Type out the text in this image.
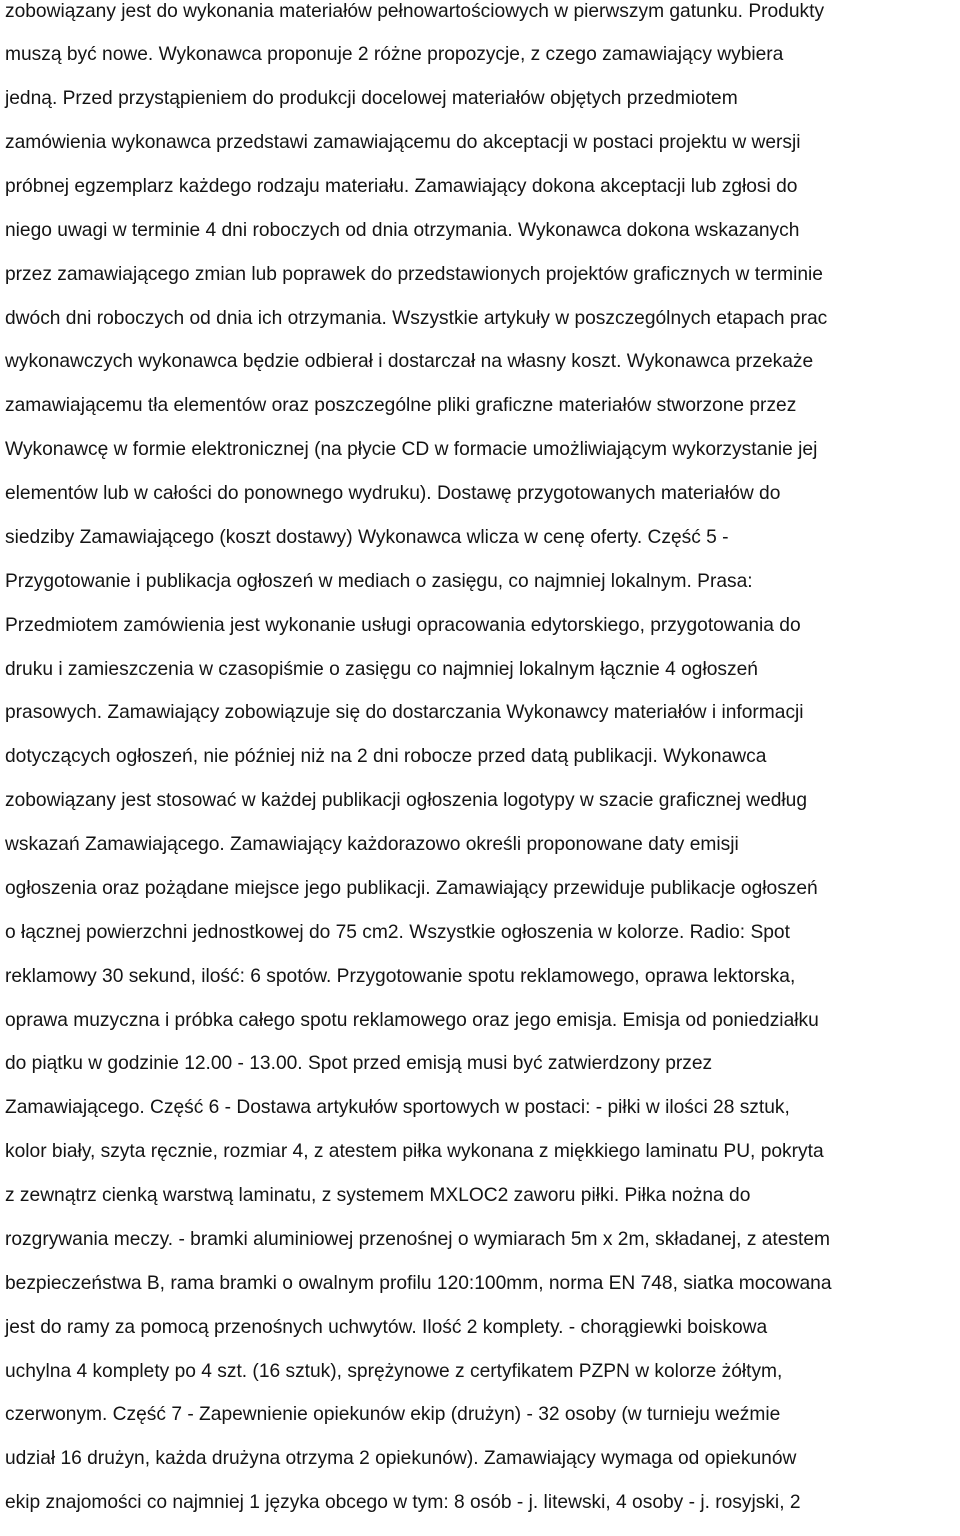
zobowiązany jest do wykonania materiałów pełnowartościowych w pierwszym gatunku. Produkty
muszą być nowe. Wykonawca proponuje 2 różne propozycje, z czego zamawiający wybiera
jedną. Przed przystąpieniem do produkcji docelowej materiałów objętych przedmiotem
zamówienia wykonawca przedstawi zamawiającemu do akceptacji w postaci projektu w wersji
próbnej egzemplarz każdego rodzaju materiału. Zamawiający dokona akceptacji lub zgłosi do
niego uwagi w terminie 4 dni roboczych od dnia otrzymania. Wykonawca dokona wskazanych
przez zamawiającego zmian lub poprawek do przedstawionych projektów graficznych w terminie
dwóch dni roboczych od dnia ich otrzymania. Wszystkie artykuły w poszczególnych etapach prac
wykonawczych wykonawca będzie odbierał i dostarczał na własny koszt. Wykonawca przekaże
zamawiającemu tła elementów oraz poszczególne pliki graficzne materiałów stworzone przez
Wykonawcę w formie elektronicznej (na płycie CD w formacie umożliwiającym wykorzystanie jej
elementów lub w całości do ponownego wydruku). Dostawę przygotowanych materiałów do
siedziby Zamawiającego (koszt dostawy) Wykonawca wlicza w cenę oferty. Część 5 -
Przygotowanie i publikacja ogłoszeń w mediach o zasięgu, co najmniej lokalnym. Prasa:
Przedmiotem zamówienia jest wykonanie usługi opracowania edytorskiego, przygotowania do
druku i zamieszczenia w czasopiśmie o zasięgu co najmniej lokalnym łącznie 4 ogłoszeń
prasowych. Zamawiający zobowiązuje się do dostarczania Wykonawcy materiałów i informacji
dotyczących ogłoszeń, nie później niż na 2 dni robocze przed datą publikacji. Wykonawca
zobowiązany jest stosować w każdej publikacji ogłoszenia logotypy w szacie graficznej według
wskazań Zamawiającego. Zamawiający każdorazowo określi proponowane daty emisji
ogłoszenia oraz pożądane miejsce jego publikacji. Zamawiający przewiduje publikacje ogłoszeń
o łącznej powierzchni jednostkowej do 75 cm2. Wszystkie ogłoszenia w kolorze. Radio: Spot
reklamowy 30 sekund, ilość: 6 spotów. Przygotowanie spotu reklamowego, oprawa lektorska,
oprawa muzyczna i próbka całego spotu reklamowego oraz jego emisja. Emisja od poniedziałku
do piątku w godzinie 12.00 - 13.00. Spot przed emisją musi być zatwierdzony przez
Zamawiającego. Część 6 - Dostawa artykułów sportowych w postaci: - piłki w ilości 28 sztuk,
kolor biały, szyta ręcznie, rozmiar 4, z atestem piłka wykonana z miękkiego laminatu PU, pokryta
z zewnątrz cienką warstwą laminatu, z systemem MXLOC2 zaworu piłki. Piłka nożna do
rozgrywania meczy. - bramki aluminiowej przenośnej o wymiarach 5m x 2m, składanej, z atestem
bezpieczeństwa B, rama bramki o owalnym profilu 120:100mm, norma EN 748, siatka mocowana
jest do ramy za pomocą przenośnych uchwytów. Ilość 2 komplety. - chorągiewki boiskowa
uchylna 4 komplety po 4 szt. (16 sztuk), sprężynowe z certyfikatem PZPN w kolorze żółtym,
czerwonym. Część 7 - Zapewnienie opiekunów ekip (drużyn) - 32 osoby (w turnieju weźmie
udział 16 drużyn, każda drużyna otrzyma 2 opiekunów). Zamawiający wymaga od opiekunów
ekip znajomości co najmniej 1 języka obcego w tym: 8 osób - j. litewski, 4 osoby - j. rosyjski, 2
